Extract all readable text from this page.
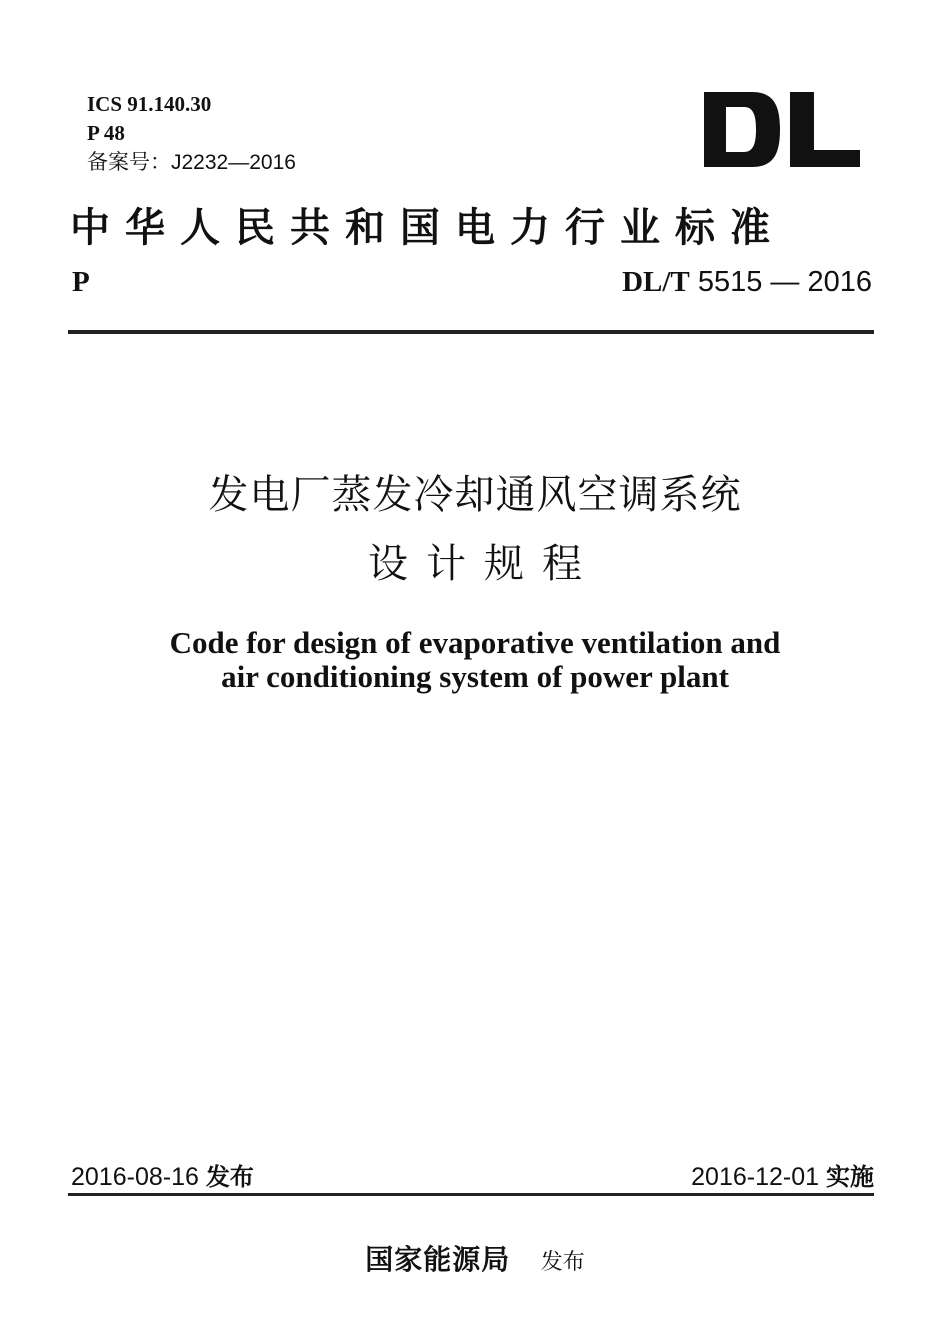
ICS 91.140.30
P 48
备案号：J2232—2016
中华人民共和国电力行业标准
P	DL/T 5515 — 2016
发电厂蒸发冷却通风空调系统
设计规程
Code for design of evaporative ventilation and
air conditioning system of power plant
2016-08-16 发布	2016-12-01 实施
国家能源局 发布
